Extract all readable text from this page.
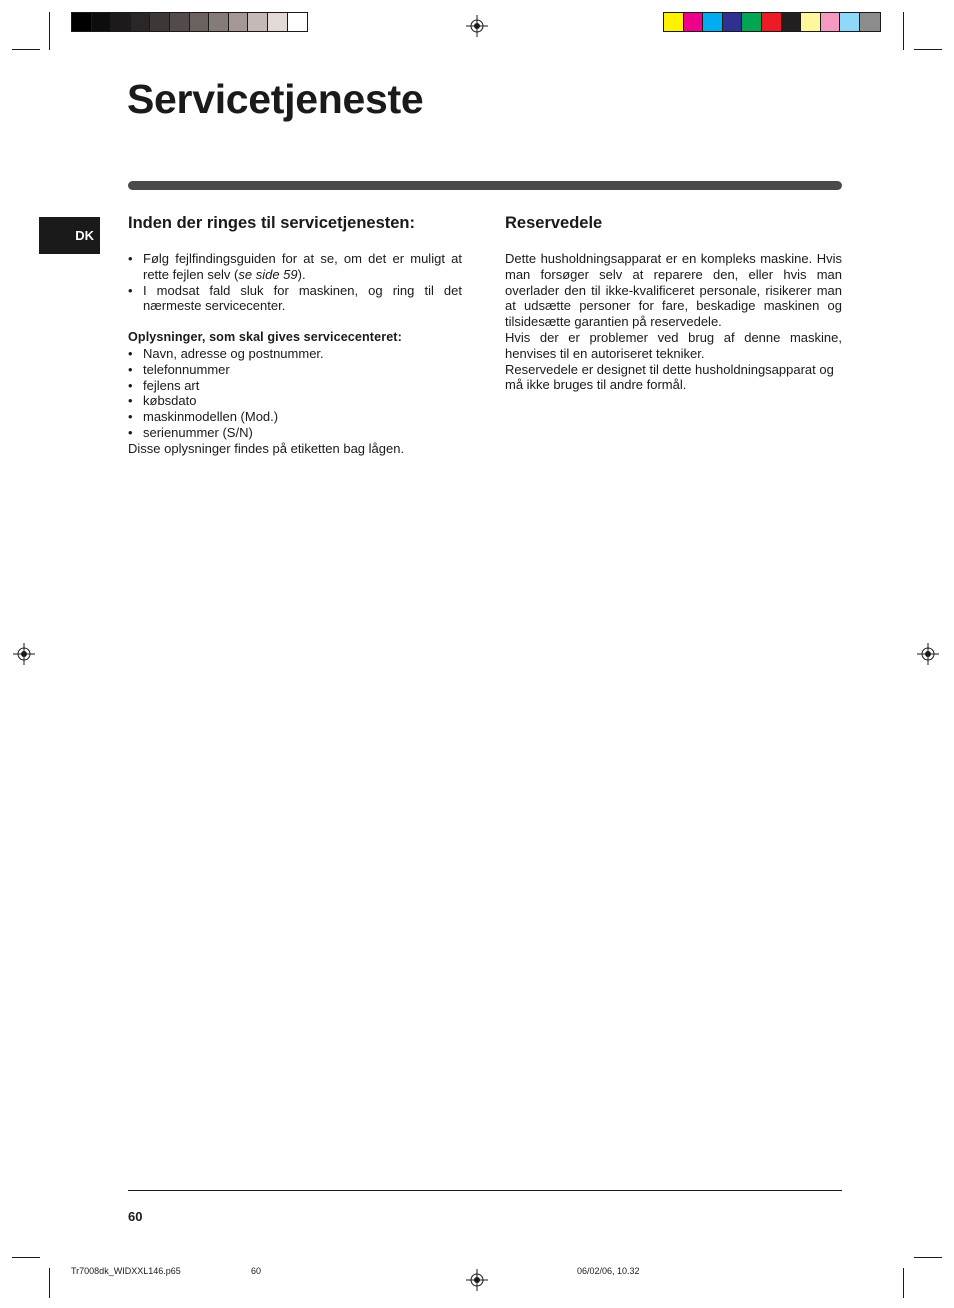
Servicetjeneste
DK
Inden der ringes til servicetjenesten:
• Følg fejlfindingsguiden for at se, om det er muligt at rette fejlen selv (se side 59).
• I modsat fald sluk for maskinen, og ring til det nærmeste servicecenter.

Oplysninger, som skal gives servicecenteret:

• Navn, adresse og postnummer.
• telefonnummer
• fejlens art
• købsdato
• maskinmodellen (Mod.)
• serienummer (S/N)

Disse oplysninger findes på etiketten bag lågen.

Reservedele

Dette husholdningsapparat er en kompleks maskine. Hvis man forsøger selv at reparere den, eller hvis man overlader den til ikke-kvalificeret personale, risikerer man at udsætte personer for fare, beskadige maskinen og tilsidesætte garantien på reservedele.

Hvis der er problemer ved brug af denne maskine, henvises til en autoriseret tekniker.

Reservedele er designet til dette husholdningsapparat og må ikke bruges til andre formål.

60
Tr7008dk_WIDXXL146.p65	60	06/02/06, 10.32
